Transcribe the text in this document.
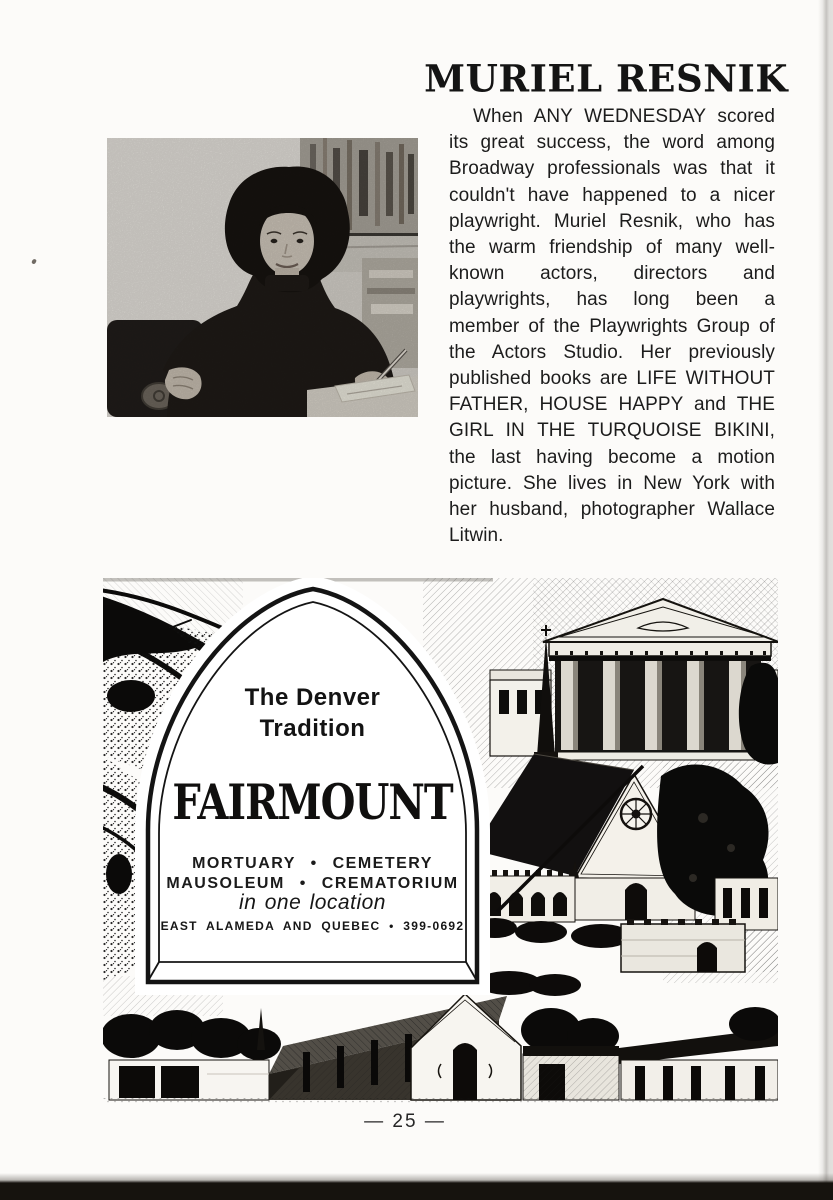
MURIEL RESNIK

When ANY WEDNESDAY scored its great success, the word among Broadway professionals was that it couldn't have happened to a nicer playwright. Muriel Resnik, who has the warm friendship of many well-known actors, directors and playwrights, has long been a member of the Playwrights Group of the Actors Studio. Her previously published books are LIFE WITHOUT FATHER, HOUSE HAPPY and THE GIRL IN THE TURQUOISE BIKINI, the last having become a motion picture. She lives in New York with her husband, photographer Wallace Litwin.

The Denver
Tradition
FAIRMOUNT
MORTUARY • CEMETERY
MAUSOLEUM • CREMATORIUM
in one location
EAST ALAMEDA AND QUEBEC • 399-0692
— 25 —
